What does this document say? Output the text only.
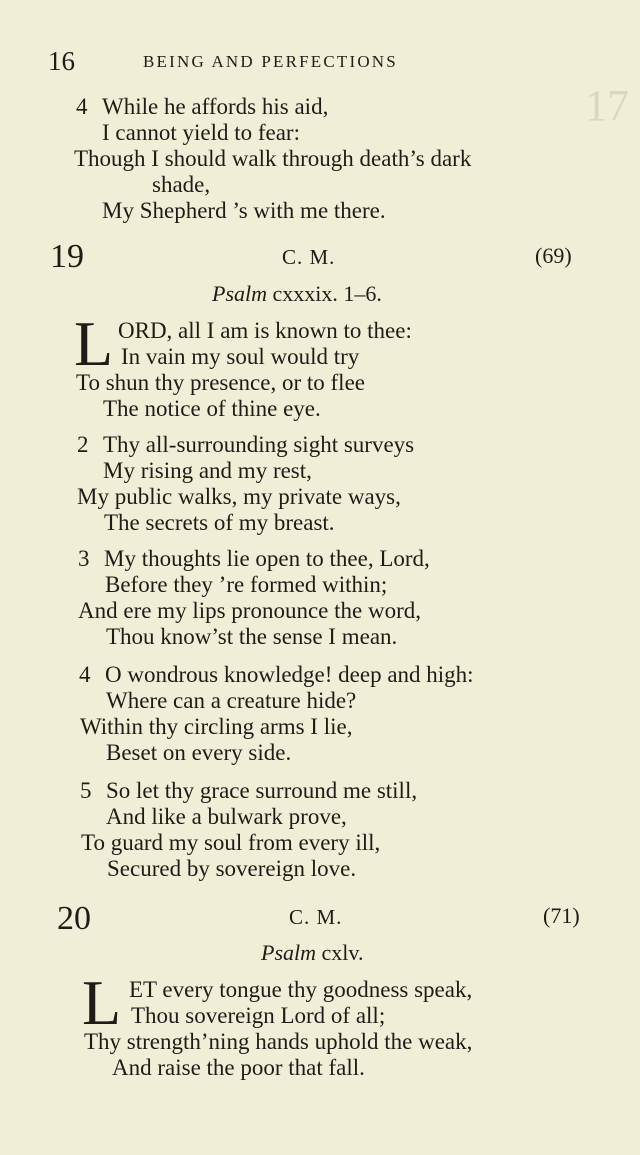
17
16	BEING AND PERFECTIONS
4 While he affords his aid,
I cannot yield to fear:
Though I should walk through death’s dark
shade,
My Shepherd ’s with me there.
19	C. M.	(69)
Psalm cxxxix. 1–6.
L ORD, all I am is known to thee:
In vain my soul would try
To shun thy presence, or to flee
The notice of thine eye.
2 Thy all-surrounding sight surveys
My rising and my rest,
My public walks, my private ways,
The secrets of my breast.
3 My thoughts lie open to thee, Lord,
Before they ’re formed within;
And ere my lips pronounce the word,
Thou know’st the sense I mean.
4 O wondrous knowledge! deep and high:
Where can a creature hide?
Within thy circling arms I lie,
Beset on every side.
5 So let thy grace surround me still,
And like a bulwark prove,
To guard my soul from every ill,
Secured by sovereign love.
20	C. M.	(71)
Psalm cxlv.
L ET every tongue thy goodness speak,
Thou sovereign Lord of all;
Thy strength’ning hands uphold the weak,
And raise the poor that fall.
